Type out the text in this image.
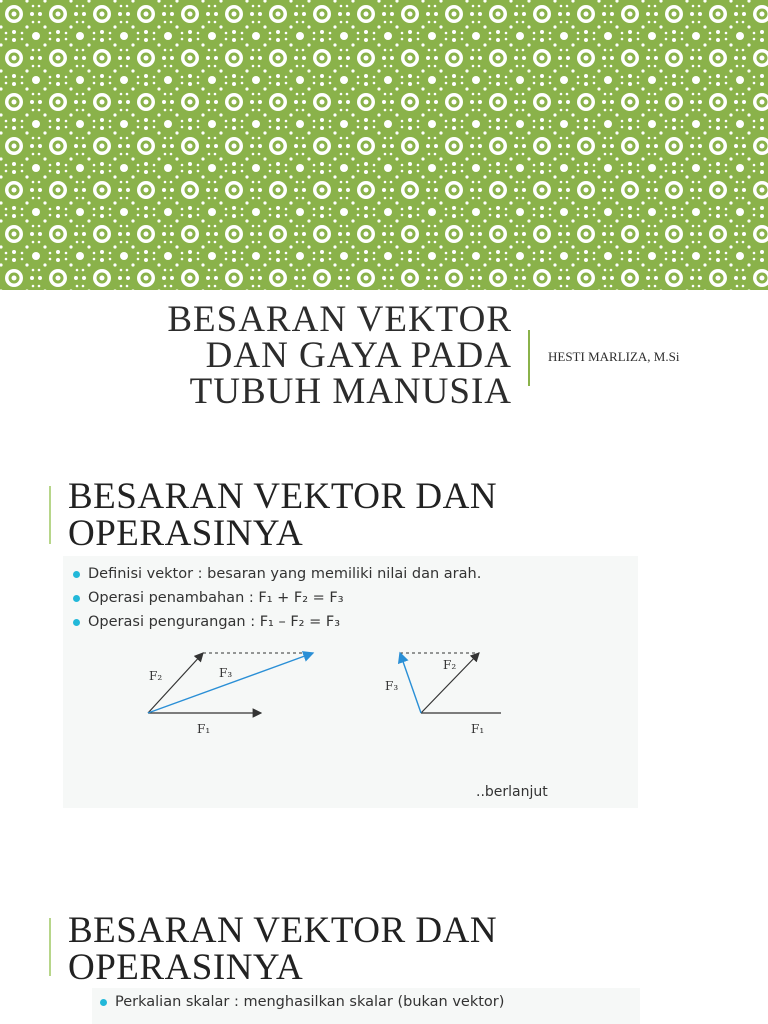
BESARAN VEKTOR
DAN GAYA PADA
TUBUH MANUSIA
HESTI MARLIZA, M.Si
BESARAN VEKTOR DAN
OPERASINYA
F₂	F₃
F₁
F₂
F₃
F₁
Definisi vektor : besaran yang memiliki nilai dan arah.
Operasi penambahan : F₁ + F₂ = F₃
Operasi pengurangan : F₁ – F₂ = F₃
..berlanjut
BESARAN VEKTOR DAN
OPERASINYA
Perkalian skalar : menghasilkan skalar (bukan vektor)
